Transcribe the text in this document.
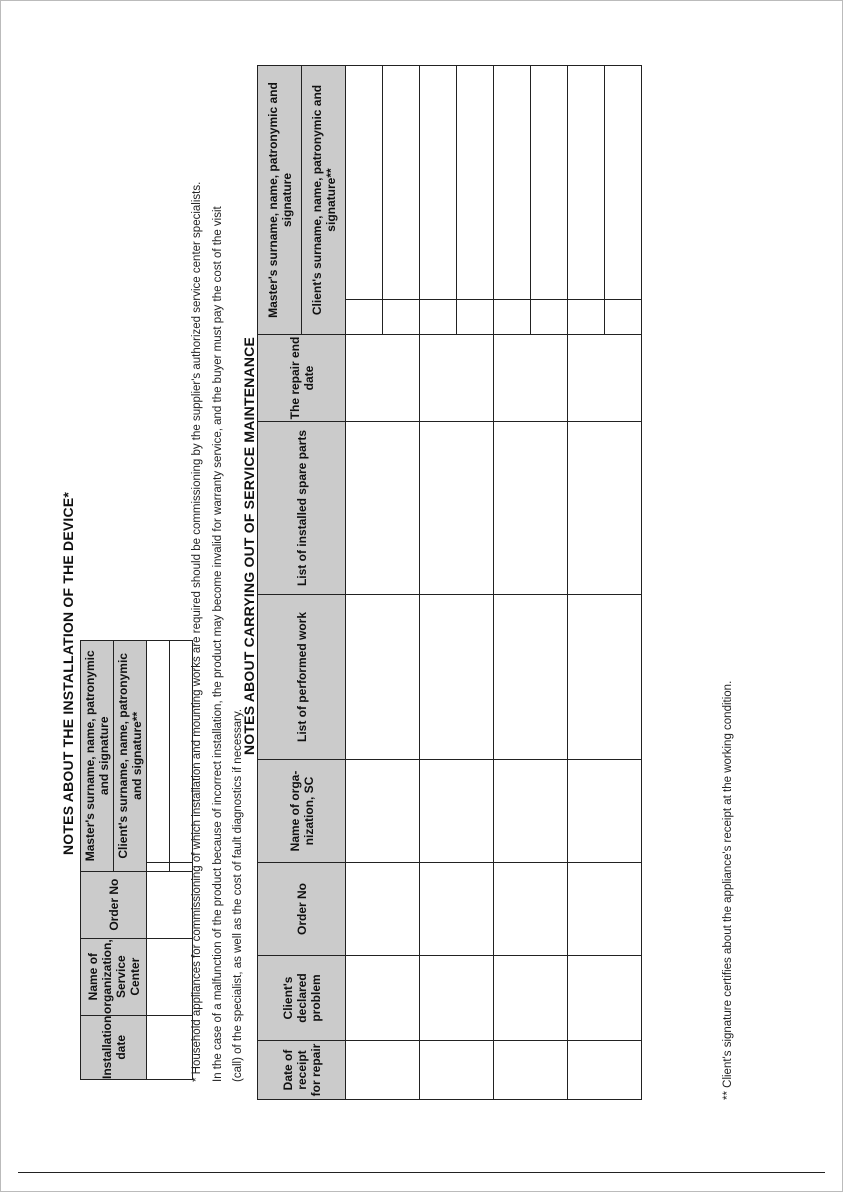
NOTES ABOUT THE INSTALLATION OF THE DEVICE*
Installation date	Name of organization, Service Center	Order No	Master's surname, name, patronymic and signature	
			Client's surname, name, patronymic and signature**	

		* Household appliances for commissioning of which installation and mounting works are required should be commissioning by the supplier's authorized service center specialists. In the case of a malfunction of the product because of incorrect installation, the product may become invalid for warranty service, and the buyer must pay the cost of the visit (call) of the specialist, as well as the cost of fault diagnostics if necessary.
NOTES ABOUT CARRYING OUT OF SERVICE MAINTENANCE
Date of receipt for repair	Client's declared problem	Order No	Name of orga-nization, SC	List of performed work	List of installed spare parts	The repair end date	Master's surname, name, patronymic and signature	
							Client's surname, name, patronymic and signature**	

** Client's signature certifies about the appliance's receipt at the working condition.
